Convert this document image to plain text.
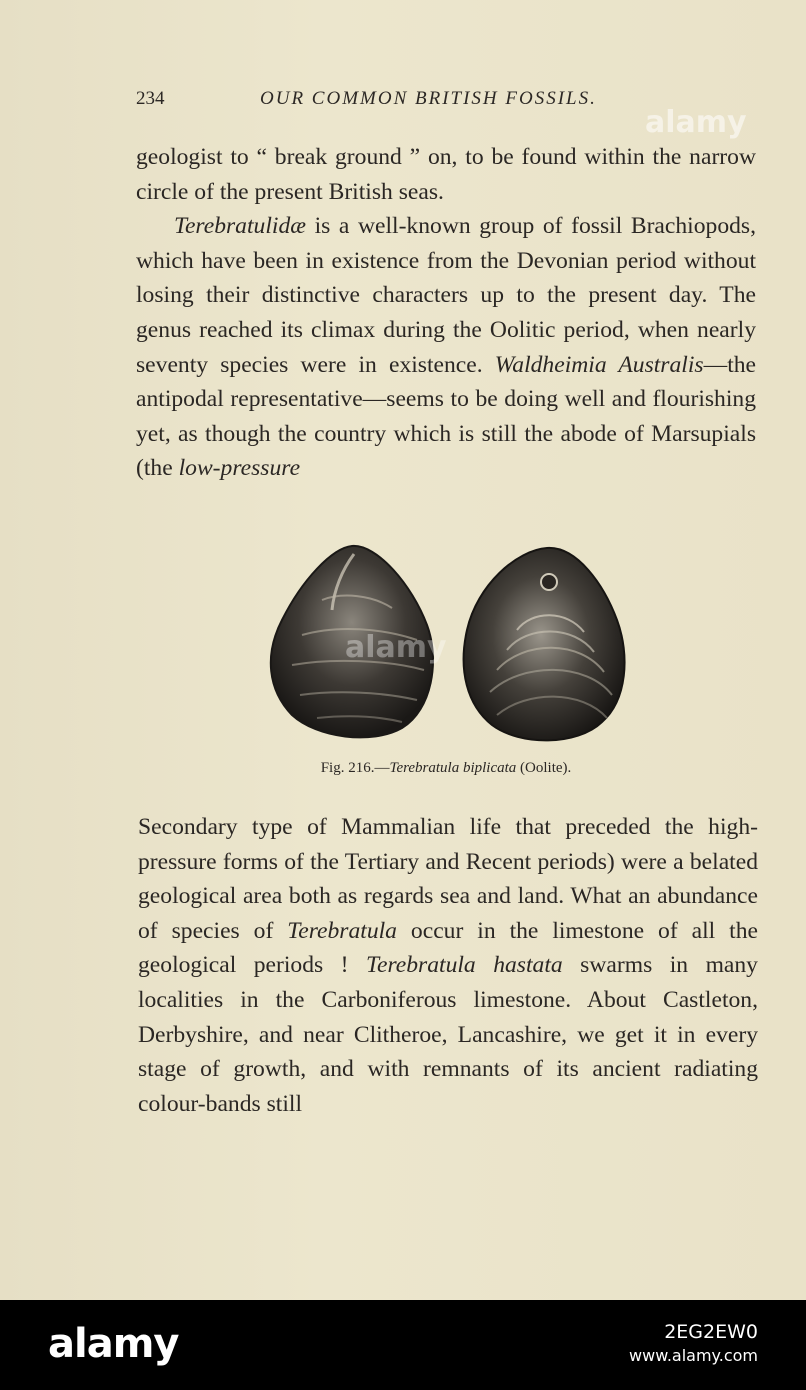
234	OUR COMMON BRITISH FOSSILS.

geologist to “ break ground ” on, to be found within the narrow circle of the present British seas.

Terebratulidæ is a well-known group of fossil Brachiopods, which have been in existence from the Devonian period without losing their distinctive characters up to the present day. The genus reached its climax during the Oolitic period, when nearly seventy species were in existence. Waldheimia Australis—the antipodal representative—seems to be doing well and flourishing yet, as though the country which is still the abode of Marsupials (the low-pressure

Fig. 216.—Terebratula biplicata (Oolite).

Secondary type of Mammalian life that preceded the high-pressure forms of the Tertiary and Recent periods) were a belated geological area both as regards sea and land. What an abundance of species of Terebratula occur in the limestone of all the geological periods ! Terebratula hastata swarms in many localities in the Carboniferous limestone. About Castleton, Derbyshire, and near Clitheroe, Lancashire, we get it in every stage of growth, and with remnants of its ancient radiating colour-bands still

alamy
alamy
alamy	2EG2EW0
www.alamy.com
